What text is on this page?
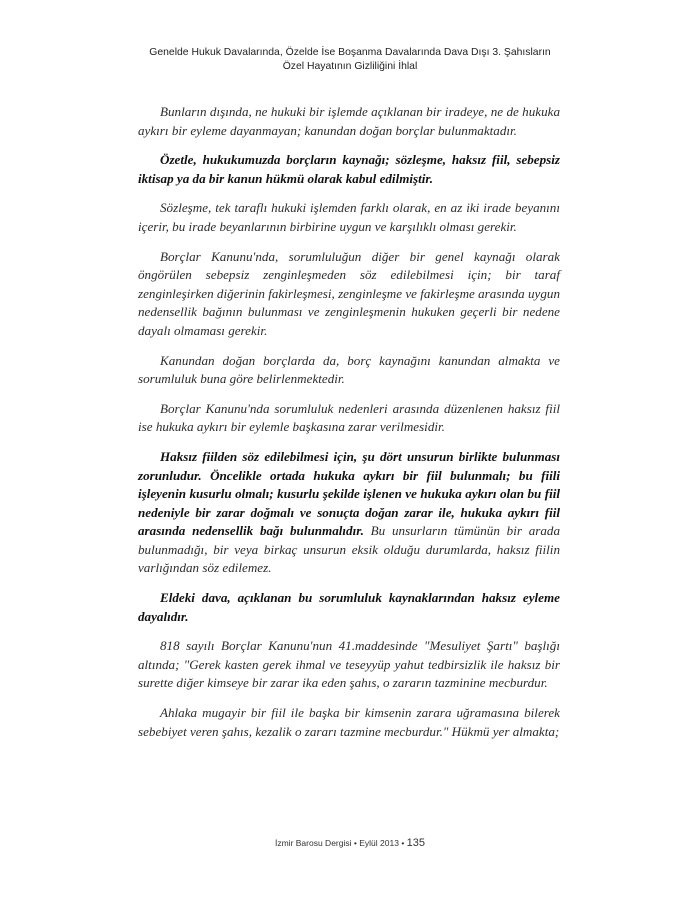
Genelde Hukuk Davalarında, Özelde İse Boşanma Davalarında Dava Dışı 3. Şahısların
Özel Hayatının Gizliliğini İhlal

Bunların dışında, ne hukuki bir işlemde açıklanan bir iradeye, ne de hukuka aykırı bir eyleme dayanmayan; kanundan doğan borçlar bulunmaktadır.

Özetle, hukukumuzda borçların kaynağı; sözleşme, haksız fiil, sebepsiz iktisap ya da bir kanun hükmü olarak kabul edilmiştir.

Sözleşme, tek taraflı hukuki işlemden farklı olarak, en az iki irade beyanını içerir, bu irade beyanlarının birbirine uygun ve karşılıklı olması gerekir.

Borçlar Kanunu'nda, sorumluluğun diğer bir genel kaynağı olarak öngörülen sebepsiz zenginleşmeden söz edilebilmesi için; bir taraf zenginleşirken diğerinin fakirleşmesi, zenginleşme ve fakirleşme arasında uygun nedensellik bağının bulunması ve zenginleşmenin hukuken geçerli bir nedene dayalı olmaması gerekir.

Kanundan doğan borçlarda da, borç kaynağını kanundan almakta ve sorumluluk buna göre belirlenmektedir.

Borçlar Kanunu'nda sorumluluk nedenleri arasında düzenlenen haksız fiil ise hukuka aykırı bir eylemle başkasına zarar verilmesidir.

Haksız fiilden söz edilebilmesi için, şu dört unsurun birlikte bulunması zorunludur. Öncelikle ortada hukuka aykırı bir fiil bulunmalı; bu fiili işleyenin kusurlu olmalı; kusurlu şekilde işlenen ve hukuka aykırı olan bu fiil nedeniyle bir zarar doğmalı ve sonuçta doğan zarar ile, hukuka aykırı fiil arasında nedensellik bağı bulunmalıdır. Bu unsurların tümünün bir arada bulunmadığı, bir veya birkaç unsurun eksik olduğu durumlarda, haksız fiilin varlığından söz edilemez.

Eldeki dava, açıklanan bu sorumluluk kaynaklarından haksız eyleme dayalıdır.

818 sayılı Borçlar Kanunu'nun 41.maddesinde "Mesuliyet Şartı" başlığı altında; "Gerek kasten gerek ihmal ve teseyyüp yahut tedbirsizlik ile haksız bir surette diğer kimseye bir zarar ika eden şahıs, o zararın tazminine mecburdur.

Ahlaka mugayir bir fiil ile başka bir kimsenin zarara uğramasına bilerek sebebiyet veren şahıs, kezalik o zararı tazmine mecburdur." Hükmü yer almakta;

İzmir Barosu Dergisi • Eylül 2013 • 135
